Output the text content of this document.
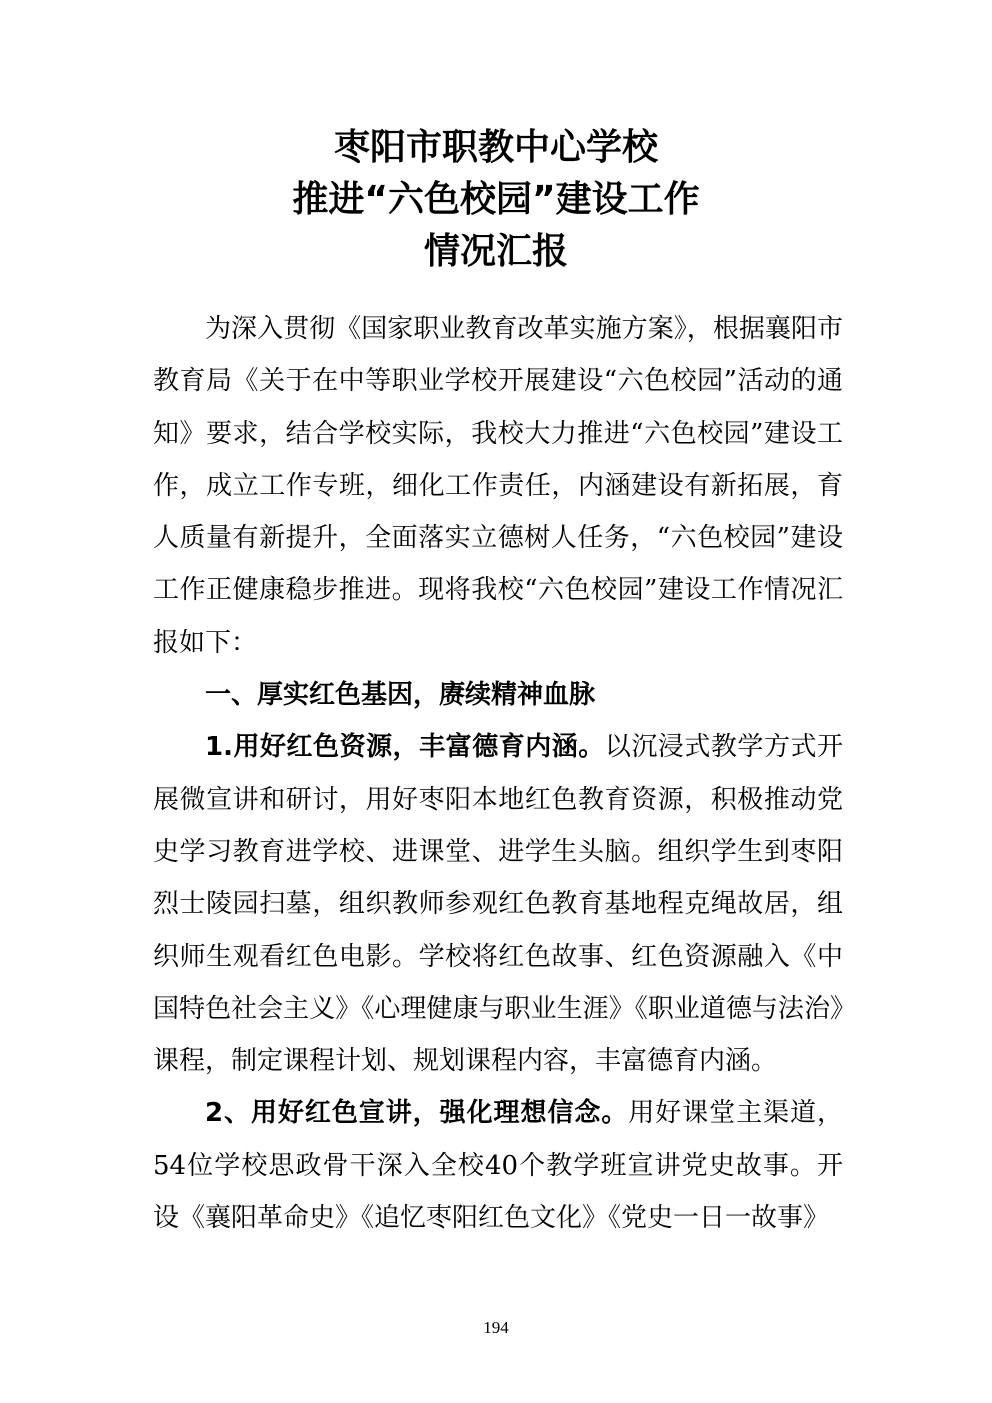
枣阳市职教中心学校
推进“六色校园”建设工作
情况汇报

为深入贯彻《国家职业教育改革实施方案》，根据襄阳市教育局《关于在中等职业学校开展建设“六色校园”活动的通知》要求，结合学校实际，我校大力推进“六色校园”建设工作，成立工作专班，细化工作责任，内涵建设有新拓展，育人质量有新提升，全面落实立德树人任务，“六色校园”建设工作正健康稳步推进。现将我校“六色校园”建设工作情况汇报如下：

一、厚实红色基因，赓续精神血脉

1.用好红色资源，丰富德育内涵。以沉浸式教学方式开展微宣讲和研讨，用好枣阳本地红色教育资源，积极推动党史学习教育进学校、进课堂、进学生头脑。组织学生到枣阳烈士陵园扫墓，组织教师参观红色教育基地程克绳故居，组织师生观看红色电影。学校将红色故事、红色资源融入《中国特色社会主义》《心理健康与职业生涯》《职业道德与法治》课程，制定课程计划、规划课程内容，丰富德育内涵。

2、用好红色宣讲，强化理想信念。用好课堂主渠道，54位学校思政骨干深入全校40个教学班宣讲党史故事。开设《襄阳革命史》《追忆枣阳红色文化》《党史一日一故事》

194
